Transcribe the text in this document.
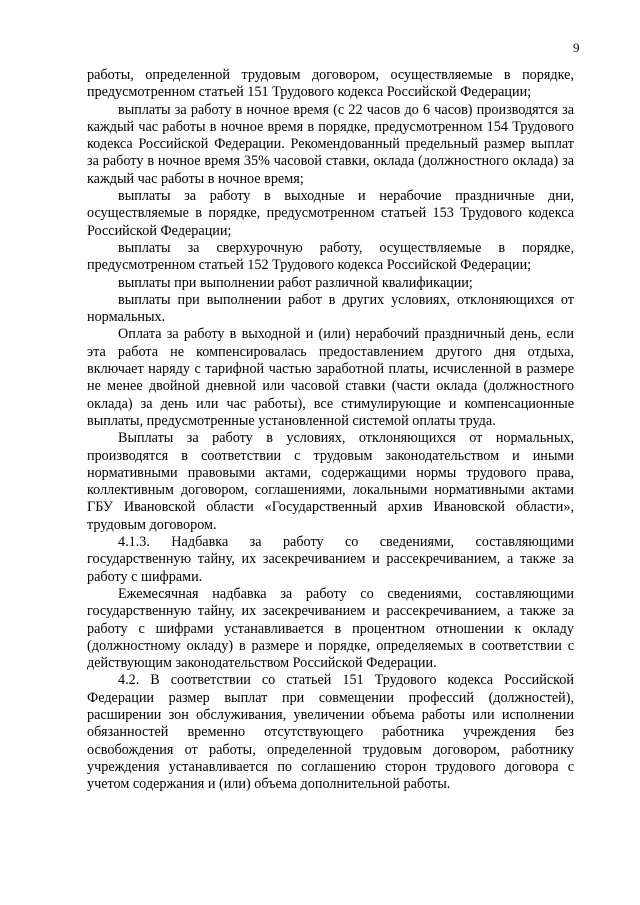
9

работы, определенной трудовым договором, осуществляемые в порядке, предусмотренном статьей 151 Трудового кодекса Российской Федерации;

выплаты за работу в ночное время (с 22 часов до 6 часов) производятся за каждый час работы в ночное время в порядке, предусмотренном 154 Трудового кодекса Российской Федерации. Рекомендованный предельный размер выплат за работу в ночное время 35% часовой ставки, оклада (должностного оклада) за каждый час работы в ночное время;

выплаты за работу в выходные и нерабочие праздничные дни, осуществляемые в порядке, предусмотренном статьей 153 Трудового кодекса Российской Федерации;

выплаты за сверхурочную работу, осуществляемые в порядке, предусмотренном статьей 152 Трудового кодекса Российской Федерации;

выплаты при выполнении работ различной квалификации;

выплаты при выполнении работ в других условиях, отклоняющихся от нормальных.

Оплата за работу в выходной и (или) нерабочий праздничный день, если эта работа не компенсировалась предоставлением другого дня отдыха, включает наряду с тарифной частью заработной платы, исчисленной в размере не менее двойной дневной или часовой ставки (части оклада (должностного оклада) за день или час работы), все стимулирующие и компенсационные выплаты, предусмотренные установленной системой оплаты труда.

Выплаты за работу в условиях, отклоняющихся от нормальных, производятся в соответствии с трудовым законодательством и иными нормативными правовыми актами, содержащими нормы трудового права, коллективным договором, соглашениями, локальными нормативными актами ГБУ Ивановской области «Государственный архив Ивановской области», трудовым договором.

4.1.3. Надбавка за работу со сведениями, составляющими государственную тайну, их засекречиванием и рассекречиванием, а также за работу с шифрами.

Ежемесячная надбавка за работу со сведениями, составляющими государственную тайну, их засекречиванием и рассекречиванием, а также за работу с шифрами устанавливается в процентном отношении к окладу (должностному окладу) в размере и порядке, определяемых в соответствии с действующим законодательством Российской Федерации.

4.2. В соответствии со статьей 151 Трудового кодекса Российской Федерации размер выплат при совмещении профессий (должностей), расширении зон обслуживания, увеличении объема работы или исполнении обязанностей временно отсутствующего работника учреждения без освобождения от работы, определенной трудовым договором, работнику учреждения устанавливается по соглашению сторон трудового договора с учетом содержания и (или) объема дополнительной работы.
